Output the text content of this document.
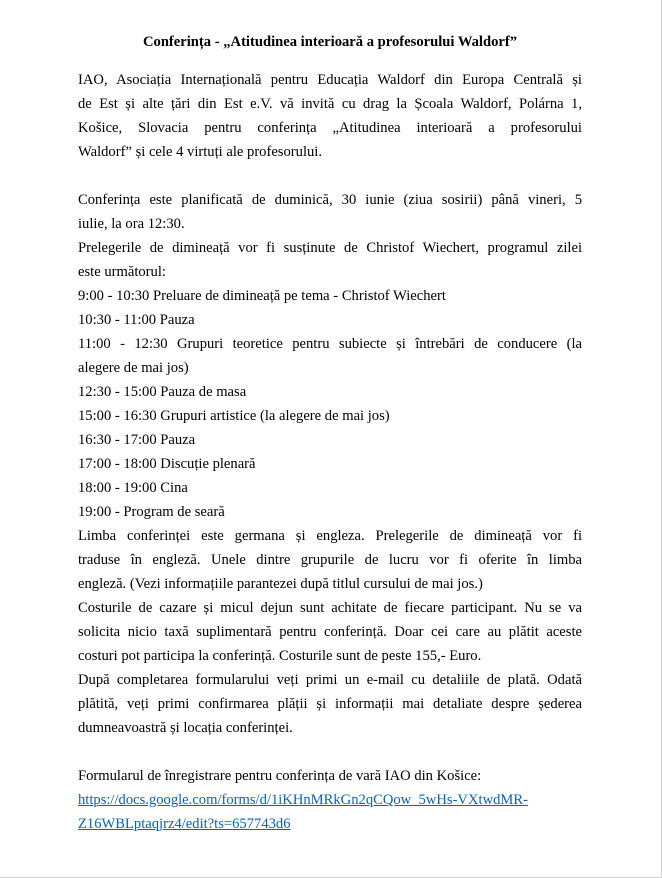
Conferința - „Atitudinea interioară a profesorului Waldorf”

IAO, Asociația Internațională pentru Educația Waldorf din Europa Centrală și
de Est și alte țări din Est e.V. vă invită cu drag la Școala Waldorf, Polárna 1,
Košice, Slovacia pentru conferința „Atitudinea interioară a profesorului
Waldorf” și cele 4 virtuți ale profesorului.

Conferința este planificată de duminică, 30 iunie (ziua sosirii) până vineri, 5
iulie, la ora 12:30.

Prelegerile de dimineață vor fi susținute de Christof Wiechert, programul zilei
este următorul:

9:00 - 10:30 Preluare de dimineață pe tema - Christof Wiechert
10:30 - 11:00 Pauza
11:00 - 12:30 Grupuri teoretice pentru subiecte și întrebări de conducere (la
alegere de mai jos)
12:30 - 15:00 Pauza de masa
15:00 - 16:30 Grupuri artistice (la alegere de mai jos)
16:30 - 17:00 Pauza
17:00 - 18:00 Discuție plenară
18:00 - 19:00 Cina
19:00 - Program de seară

Limba conferinței este germana și engleza. Prelegerile de dimineață vor fi
traduse în engleză. Unele dintre grupurile de lucru vor fi oferite în limba
engleză. (Vezi informațiile parantezei după titlul cursului de mai jos.)

Costurile de cazare și micul dejun sunt achitate de fiecare participant. Nu se va
solicita nicio taxă suplimentară pentru conferință. Doar cei care au plătit aceste
costuri pot participa la conferință. Costurile sunt de peste 155,- Euro.

După completarea formularului veți primi un e-mail cu detaliile de plată. Odată
plătită, veți primi confirmarea plății și informații mai detaliate despre șederea
dumneavoastră și locația conferinței.

Formularul de înregistrare pentru conferința de vară IAO din Košice:
https://docs.google.com/forms/d/1iKHnMRkGn2qCQow_5wHs-VXtwdMR-
Z16WBLptaqjrz4/edit?ts=657743d6
